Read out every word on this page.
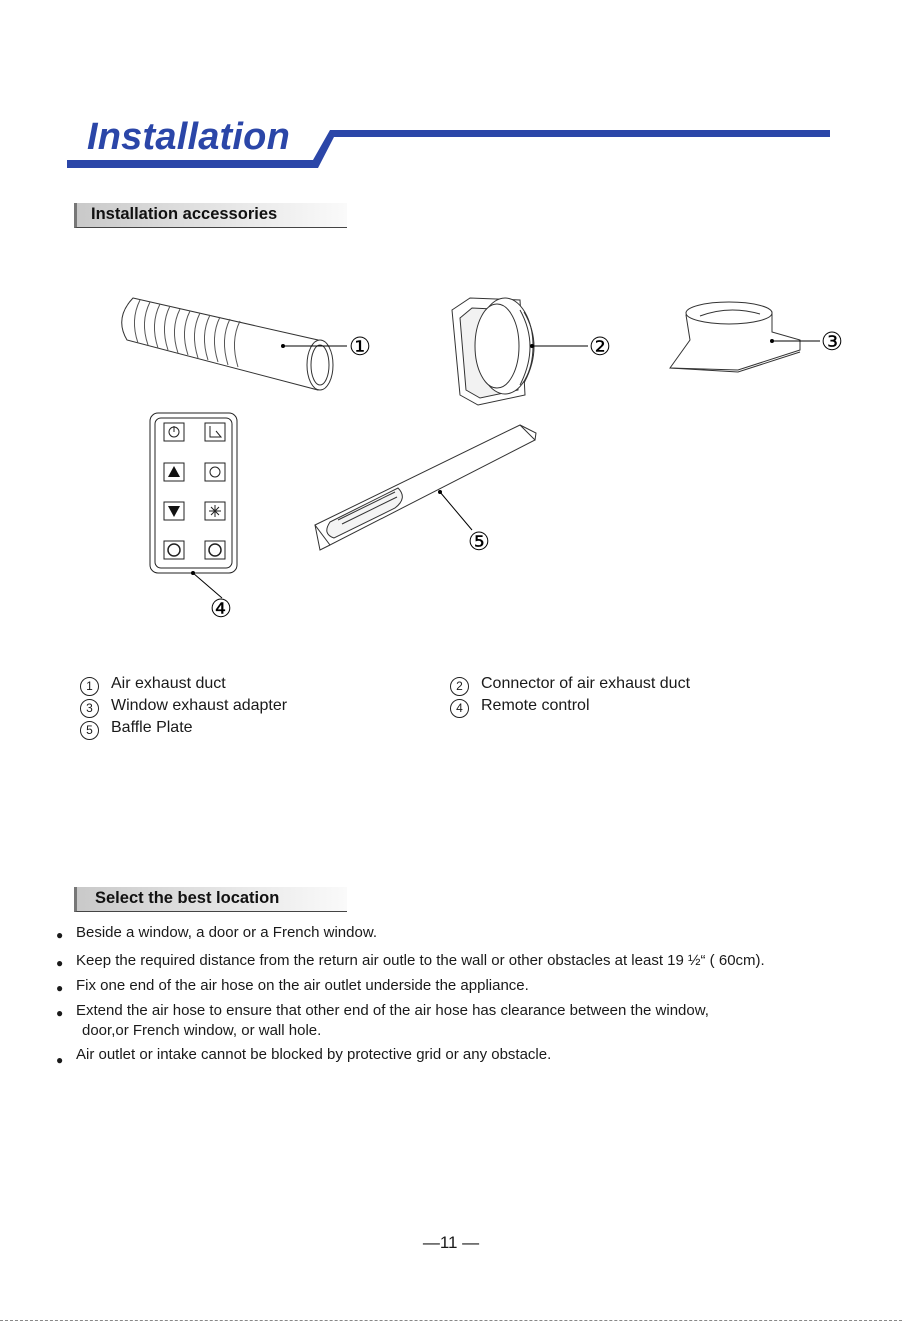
Installation
Installation accessories
①	②	③
④
⑤
1 Air exhaust duct	2 Connector of air exhaust duct
3 Window exhaust adapter	4 Remote control
5 Baffle Plate
Select the best location
● Beside a window, a door or a French window.
● Keep the required distance from the return air outle to the wall or other obstacles at least 19 ½“ ( 60cm).
● Fix one end of the air hose on the air outlet underside the appliance.
● Extend the air hose to ensure that other end of the air hose has clearance between the window,
door,or French window, or wall hole.
● Air outlet or intake cannot be blocked by protective grid or any obstacle.
—11 —
